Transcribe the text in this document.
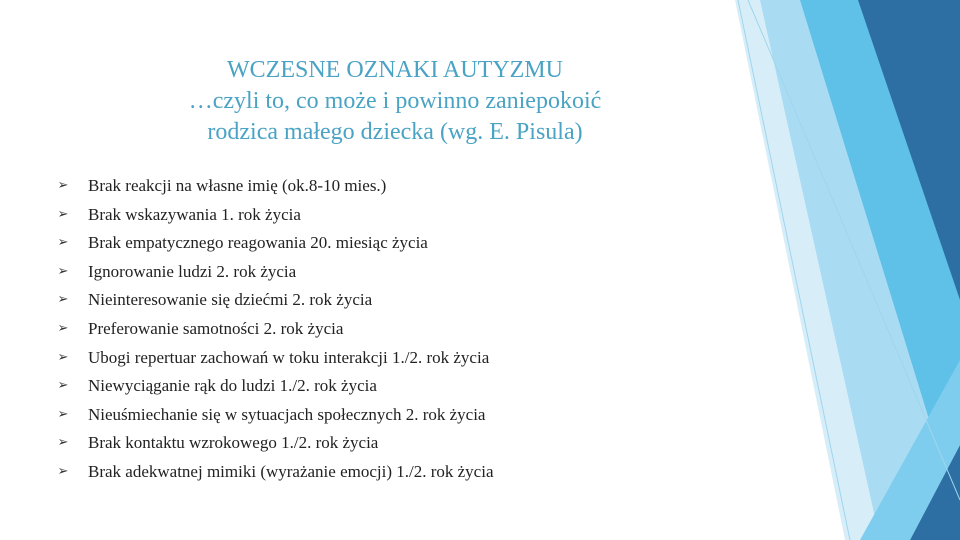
WCZESNE OZNAKI AUTYZMU
…czyli to, co może i powinno zaniepokoić
rodzica małego dziecka (wg. E. Pisula)
➢ Brak reakcji na własne imię (ok.8-10 mies.)
➢ Brak wskazywania 1. rok życia
➢ Brak empatycznego reagowania 20. miesiąc życia
➢ Ignorowanie ludzi 2. rok życia
➢ Nieinteresowanie się dziećmi 2. rok życia
➢ Preferowanie samotności 2. rok życia
➢ Ubogi repertuar zachowań w toku interakcji 1./2. rok życia
➢ Niewyciąganie rąk do ludzi 1./2. rok życia
➢ Nieuśmiechanie się w sytuacjach społecznych 2. rok życia
➢ Brak kontaktu wzrokowego 1./2. rok życia
➢ Brak adekwatnej mimiki (wyrażanie emocji) 1./2. rok życia
